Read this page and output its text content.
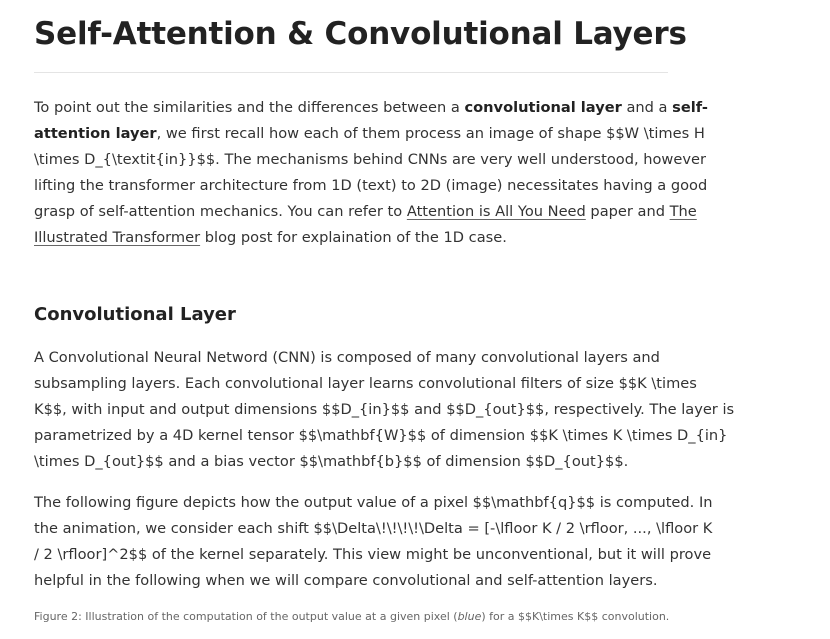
Self-Attention & Convolutional Layers

To point out the similarities and the differences between a convolutional layer and a self-
attention layer, we first recall how each of them process an image of shape $$W \times H
\times D_{\textit{in}}$$. The mechanisms behind CNNs are very well understood, however
lifting the transformer architecture from 1D (text) to 2D (image) necessitates having a good
grasp of self-attention mechanics. You can refer to Attention is All You Need paper and The
Illustrated Transformer blog post for explaination of the 1D case.

Convolutional Layer

A Convolutional Neural Netword (CNN) is composed of many convolutional layers and
subsampling layers. Each convolutional layer learns convolutional filters of size $$K \times
K$$, with input and output dimensions $$D_{in}$$ and $$D_{out}$$, respectively. The layer is
parametrized by a 4D kernel tensor $$\mathbf{W}$$ of dimension $$K \times K \times D_{in}
\times D_{out}$$ and a bias vector $$\mathbf{b}$$ of dimension $$D_{out}$$.

The following figure depicts how the output value of a pixel $$\mathbf{q}$$ is computed. In
the animation, we consider each shift $$\Delta\!\!\!\!\Delta = [-\lfloor K / 2 \rfloor, ..., \lfloor K
/ 2 \rfloor]^2$$ of the kernel separately. This view might be unconventional, but it will prove
helpful in the following when we will compare convolutional and self-attention layers.

Figure 2: Illustration of the computation of the output value at a given pixel (blue) for a $$K\times K$$ convolution.
